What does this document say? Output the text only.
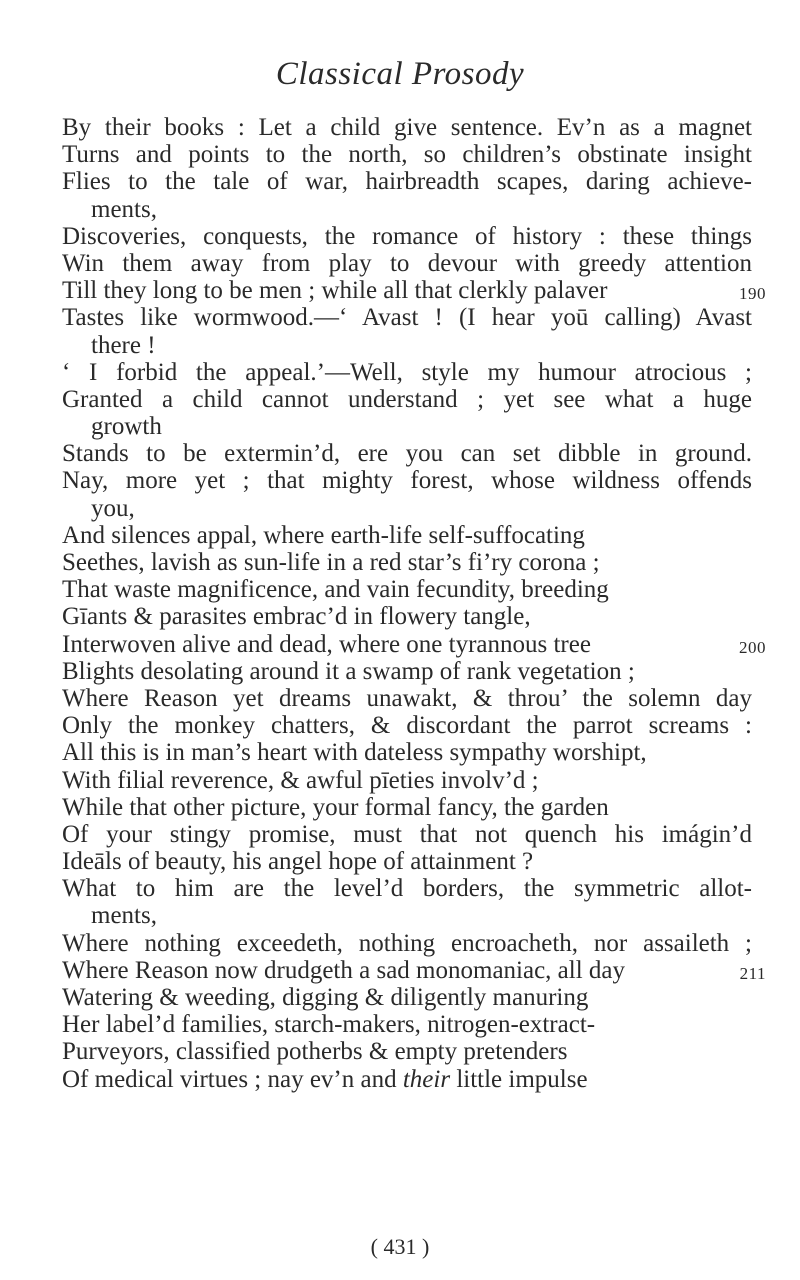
Classical Prosody
By their books : Let a child give sentence. Ev’n as a magnet
Turns and points to the north, so children’s obstinate insight
Flies to the tale of war, hairbreadth scapes, daring achieve-
ments,
Discoveries, conquests, the romance of history : these things
Win them away from play to devour with greedy attention
Till they long to be men ; while all that clerkly palaver	190
Tastes like wormwood.—‘ Avast ! (I hear yoū calling) Avast
there !
‘ I forbid the appeal.’—Well, style my humour atrocious ;
Granted a child cannot understand ; yet see what a huge
growth
Stands to be extermin’d, ere you can set dibble in ground.
Nay, more yet ; that mighty forest, whose wildness offends
you,
And silences appal, where earth-life self-suffocating
Seethes, lavish as sun-life in a red star’s fi’ry corona ;
That waste magnificence, and vain fecundity, breeding
Gīants & parasites embrac’d in flowery tangle,
Interwoven alive and dead, where one tyrannous tree	200
Blights desolating around it a swamp of rank vegetation ;
Where Reason yet dreams unawakt, & throu’ the solemn day
Only the monkey chatters, & discordant the parrot screams :
All this is in man’s heart with dateless sympathy worshipt,
With filial reverence, & awful pīeties involv’d ;
While that other picture, your formal fancy, the garden
Of your stingy promise, must that not quench his imágin’d
Ideāls of beauty, his angel hope of attainment ?
What to him are the level’d borders, the symmetric allot-
ments,
Where nothing exceedeth, nothing encroacheth, nor assaileth ;
Where Reason now drudgeth a sad monomaniac, all day	211
Watering & weeding, digging & diligently manuring
Her label’d families, starch-makers, nitrogen-extract-
Purveyors, classified potherbs & empty pretenders
Of medical virtues ; nay ev’n and their little impulse
( 431 )
